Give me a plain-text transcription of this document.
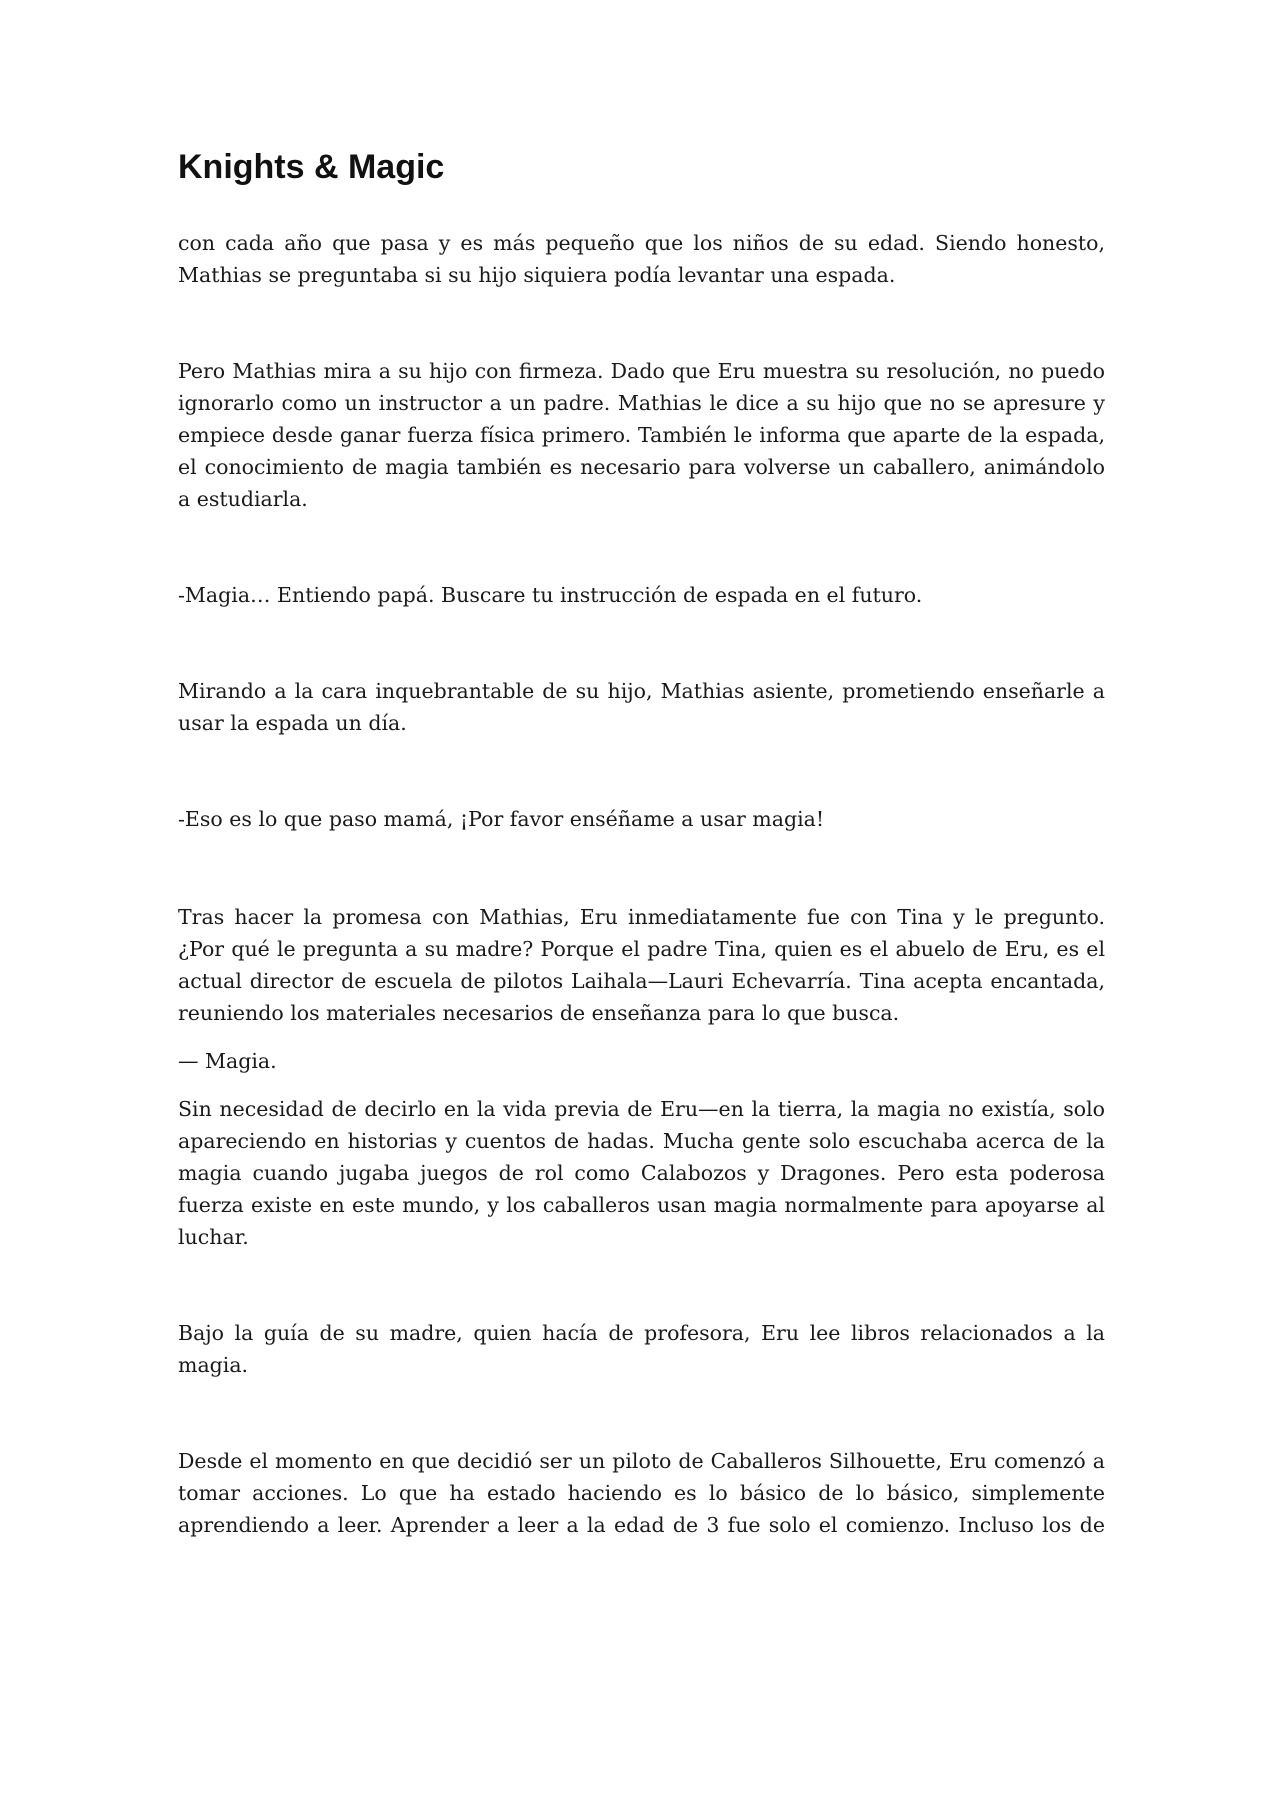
Knights & Magic

con cada año que pasa y es más pequeño que los niños de su edad. Siendo honesto, Mathias se preguntaba si su hijo siquiera podía levantar una espada.

Pero Mathias mira a su hijo con firmeza. Dado que Eru muestra su resolución, no puedo ignorarlo como un instructor a un padre. Mathias le dice a su hijo que no se apresure y empiece desde ganar fuerza física primero. También le informa que aparte de la espada, el conocimiento de magia también es necesario para volverse un caballero, animándolo a estudiarla.

-Magia… Entiendo papá. Buscare tu instrucción de espada en el futuro.

Mirando a la cara inquebrantable de su hijo, Mathias asiente, prometiendo enseñarle a usar la espada un día.

-Eso es lo que paso mamá, ¡Por favor enséñame a usar magia!

Tras hacer la promesa con Mathias, Eru inmediatamente fue con Tina y le pregunto. ¿Por qué le pregunta a su madre? Porque el padre Tina, quien es el abuelo de Eru, es el actual director de escuela de pilotos Laihala—Lauri Echevarría. Tina acepta encantada, reuniendo los materiales necesarios de enseñanza para lo que busca.

— Magia.

Sin necesidad de decirlo en la vida previa de Eru—en la tierra, la magia no existía, solo apareciendo en historias y cuentos de hadas. Mucha gente solo escuchaba acerca de la magia cuando jugaba juegos de rol como Calabozos y Dragones. Pero esta poderosa fuerza existe en este mundo, y los caballeros usan magia normalmente para apoyarse al luchar.

Bajo la guía de su madre, quien hacía de profesora, Eru lee libros relacionados a la magia.

Desde el momento en que decidió ser un piloto de Caballeros Silhouette, Eru comenzó a tomar acciones. Lo que ha estado haciendo es lo básico de lo básico, simplemente aprendiendo a leer. Aprender a leer a la edad de 3 fue solo el comienzo. Incluso los de
